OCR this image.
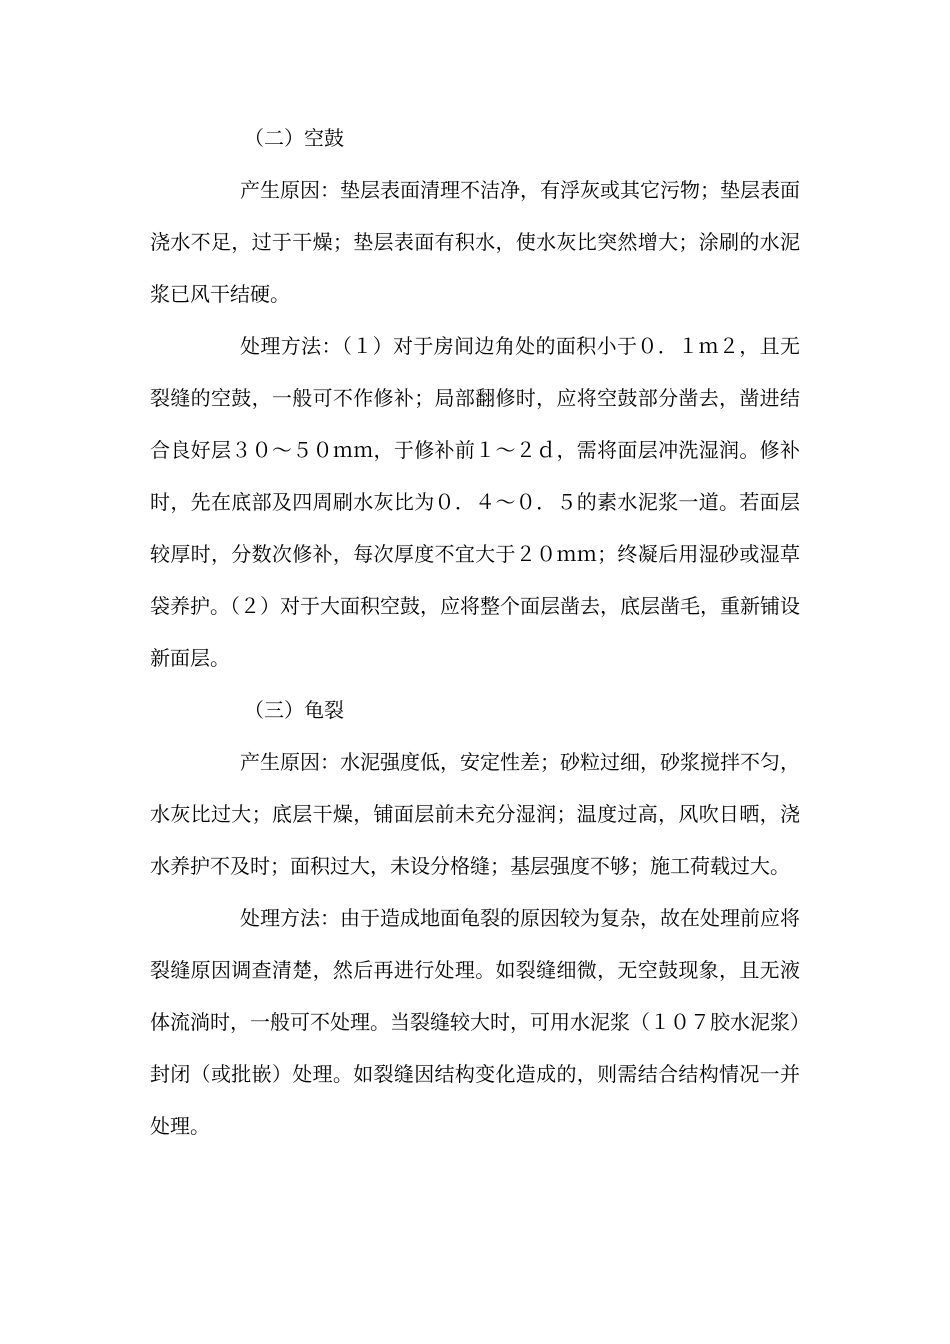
（二）空鼓

产生原因：垫层表面清理不洁净，有浮灰或其它污物；垫层表面浇水不足，过于干燥；垫层表面有积水，使水灰比突然增大；涂刷的水泥浆已风干结硬。

处理方法：（１）对于房间边角处的面积小于０．１ｍ２，且无裂缝的空鼓，一般可不作修补；局部翻修时，应将空鼓部分凿去，凿进结合良好层３０～５０ｍｍ，于修补前１～２ｄ，需将面层冲洗湿润。修补时，先在底部及四周刷水灰比为０．４～０．５的素水泥浆一道。若面层较厚时，分数次修补，每次厚度不宜大于２０ｍｍ；终凝后用湿砂或湿草袋养护。（２）对于大面积空鼓，应将整个面层凿去，底层凿毛，重新铺设新面层。

（三）龟裂

产生原因：水泥强度低，安定性差；砂粒过细，砂浆搅拌不匀，水灰比过大；底层干燥，铺面层前未充分湿润；温度过高，风吹日晒，浇水养护不及时；面积过大，未设分格缝；基层强度不够；施工荷载过大。

处理方法：由于造成地面龟裂的原因较为复杂，故在处理前应将裂缝原因调查清楚，然后再进行处理。如裂缝细微，无空鼓现象，且无液体流淌时，一般可不处理。当裂缝较大时，可用水泥浆（１０７胶水泥浆）封闭（或批嵌）处理。如裂缝因结构变化造成的，则需结合结构情况一并处理。
